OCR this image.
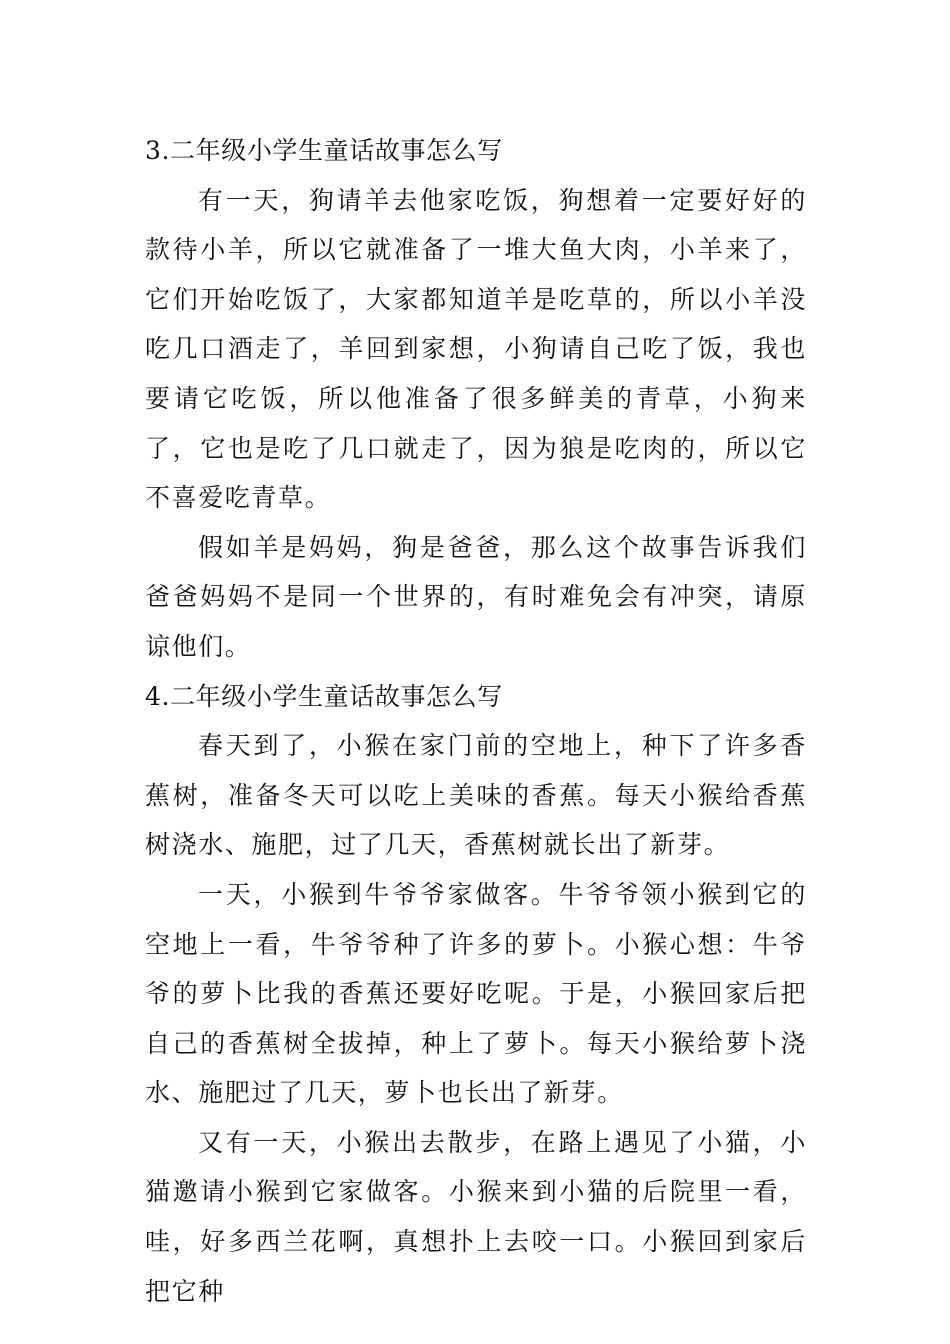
3.二年级小学生童话故事怎么写

有一天，狗请羊去他家吃饭，狗想着一定要好好的款待小羊，所以它就准备了一堆大鱼大肉，小羊来了，它们开始吃饭了，大家都知道羊是吃草的，所以小羊没吃几口酒走了，羊回到家想，小狗请自己吃了饭，我也要请它吃饭，所以他准备了很多鲜美的青草，小狗来了，它也是吃了几口就走了，因为狼是吃肉的，所以它不喜爱吃青草。

假如羊是妈妈，狗是爸爸，那么这个故事告诉我们爸爸妈妈不是同一个世界的，有时难免会有冲突，请原谅他们。

4.二年级小学生童话故事怎么写

春天到了，小猴在家门前的空地上，种下了许多香蕉树，准备冬天可以吃上美味的香蕉。每天小猴给香蕉树浇水、施肥，过了几天，香蕉树就长出了新芽。

一天，小猴到牛爷爷家做客。牛爷爷领小猴到它的空地上一看，牛爷爷种了许多的萝卜。小猴心想：牛爷爷的萝卜比我的香蕉还要好吃呢。于是，小猴回家后把自己的香蕉树全拔掉，种上了萝卜。每天小猴给萝卜浇水、施肥过了几天，萝卜也长出了新芽。

又有一天，小猴出去散步，在路上遇见了小猫，小猫邀请小猴到它家做客。小猴来到小猫的后院里一看，哇，好多西兰花啊，真想扑上去咬一口。小猴回到家后把它种
